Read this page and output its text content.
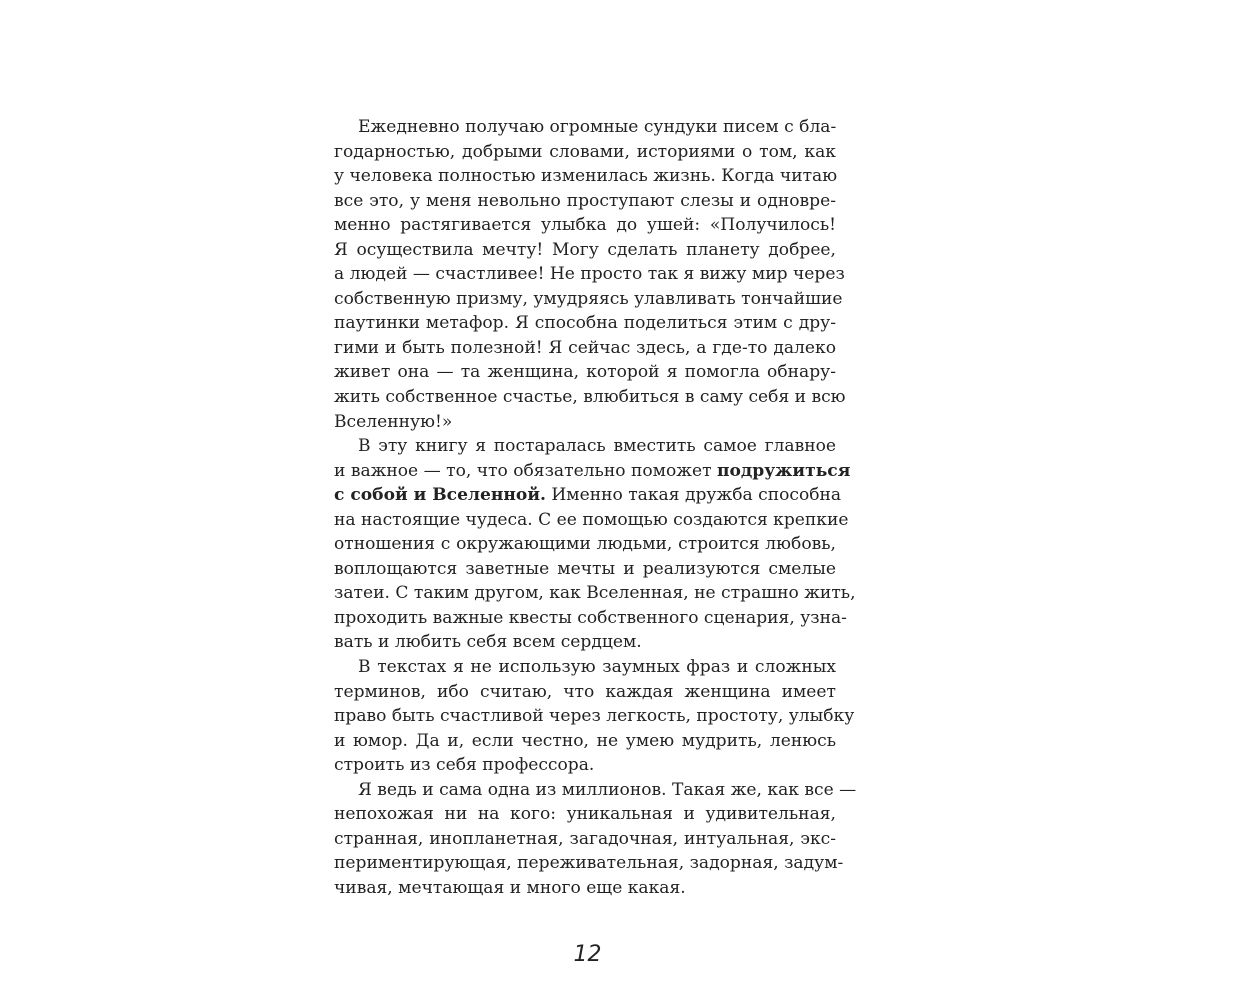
Ежедневно получаю огромные сундуки писем с бла-
годарностью, добрыми словами, историями о том, как
у человека полностью изменилась жизнь. Когда читаю
все это, у меня невольно проступают слезы и одновре-
менно растягивается улыбка до ушей: «Получилось!
Я осуществила мечту! Могу сделать планету добрее,
а людей — счастливее! Не просто так я вижу мир через
собственную призму, умудряясь улавливать тончайшие
паутинки метафор. Я способна поделиться этим с дру-
гими и быть полезной! Я сейчас здесь, а где-то далеко
живет она — та женщина, которой я помогла обнару-
жить собственное счастье, влюбиться в саму себя и всю
Вселенную!»
В эту книгу я постаралась вместить самое главное
и важное — то, что обязательно поможет подружиться
с собой и Вселенной. Именно такая дружба способна
на настоящие чудеса. С ее помощью создаются крепкие
отношения с окружающими людьми, строится любовь,
воплощаются заветные мечты и реализуются смелые
затеи. С таким другом, как Вселенная, не страшно жить,
проходить важные квесты собственного сценария, узна-
вать и любить себя всем сердцем.
В текстах я не использую заумных фраз и сложных
терминов, ибо считаю, что каждая женщина имеет
право быть счастливой через легкость, простоту, улыбку
и юмор. Да и, если честно, не умею мудрить, ленюсь
строить из себя профессора.
Я ведь и сама одна из миллионов. Такая же, как все —
непохожая ни на кого: уникальная и удивительная,
странная, инопланетная, загадочная, интуальная, экс-
периментирующая, переживательная, задорная, задум-
чивая, мечтающая и много еще какая.
12
